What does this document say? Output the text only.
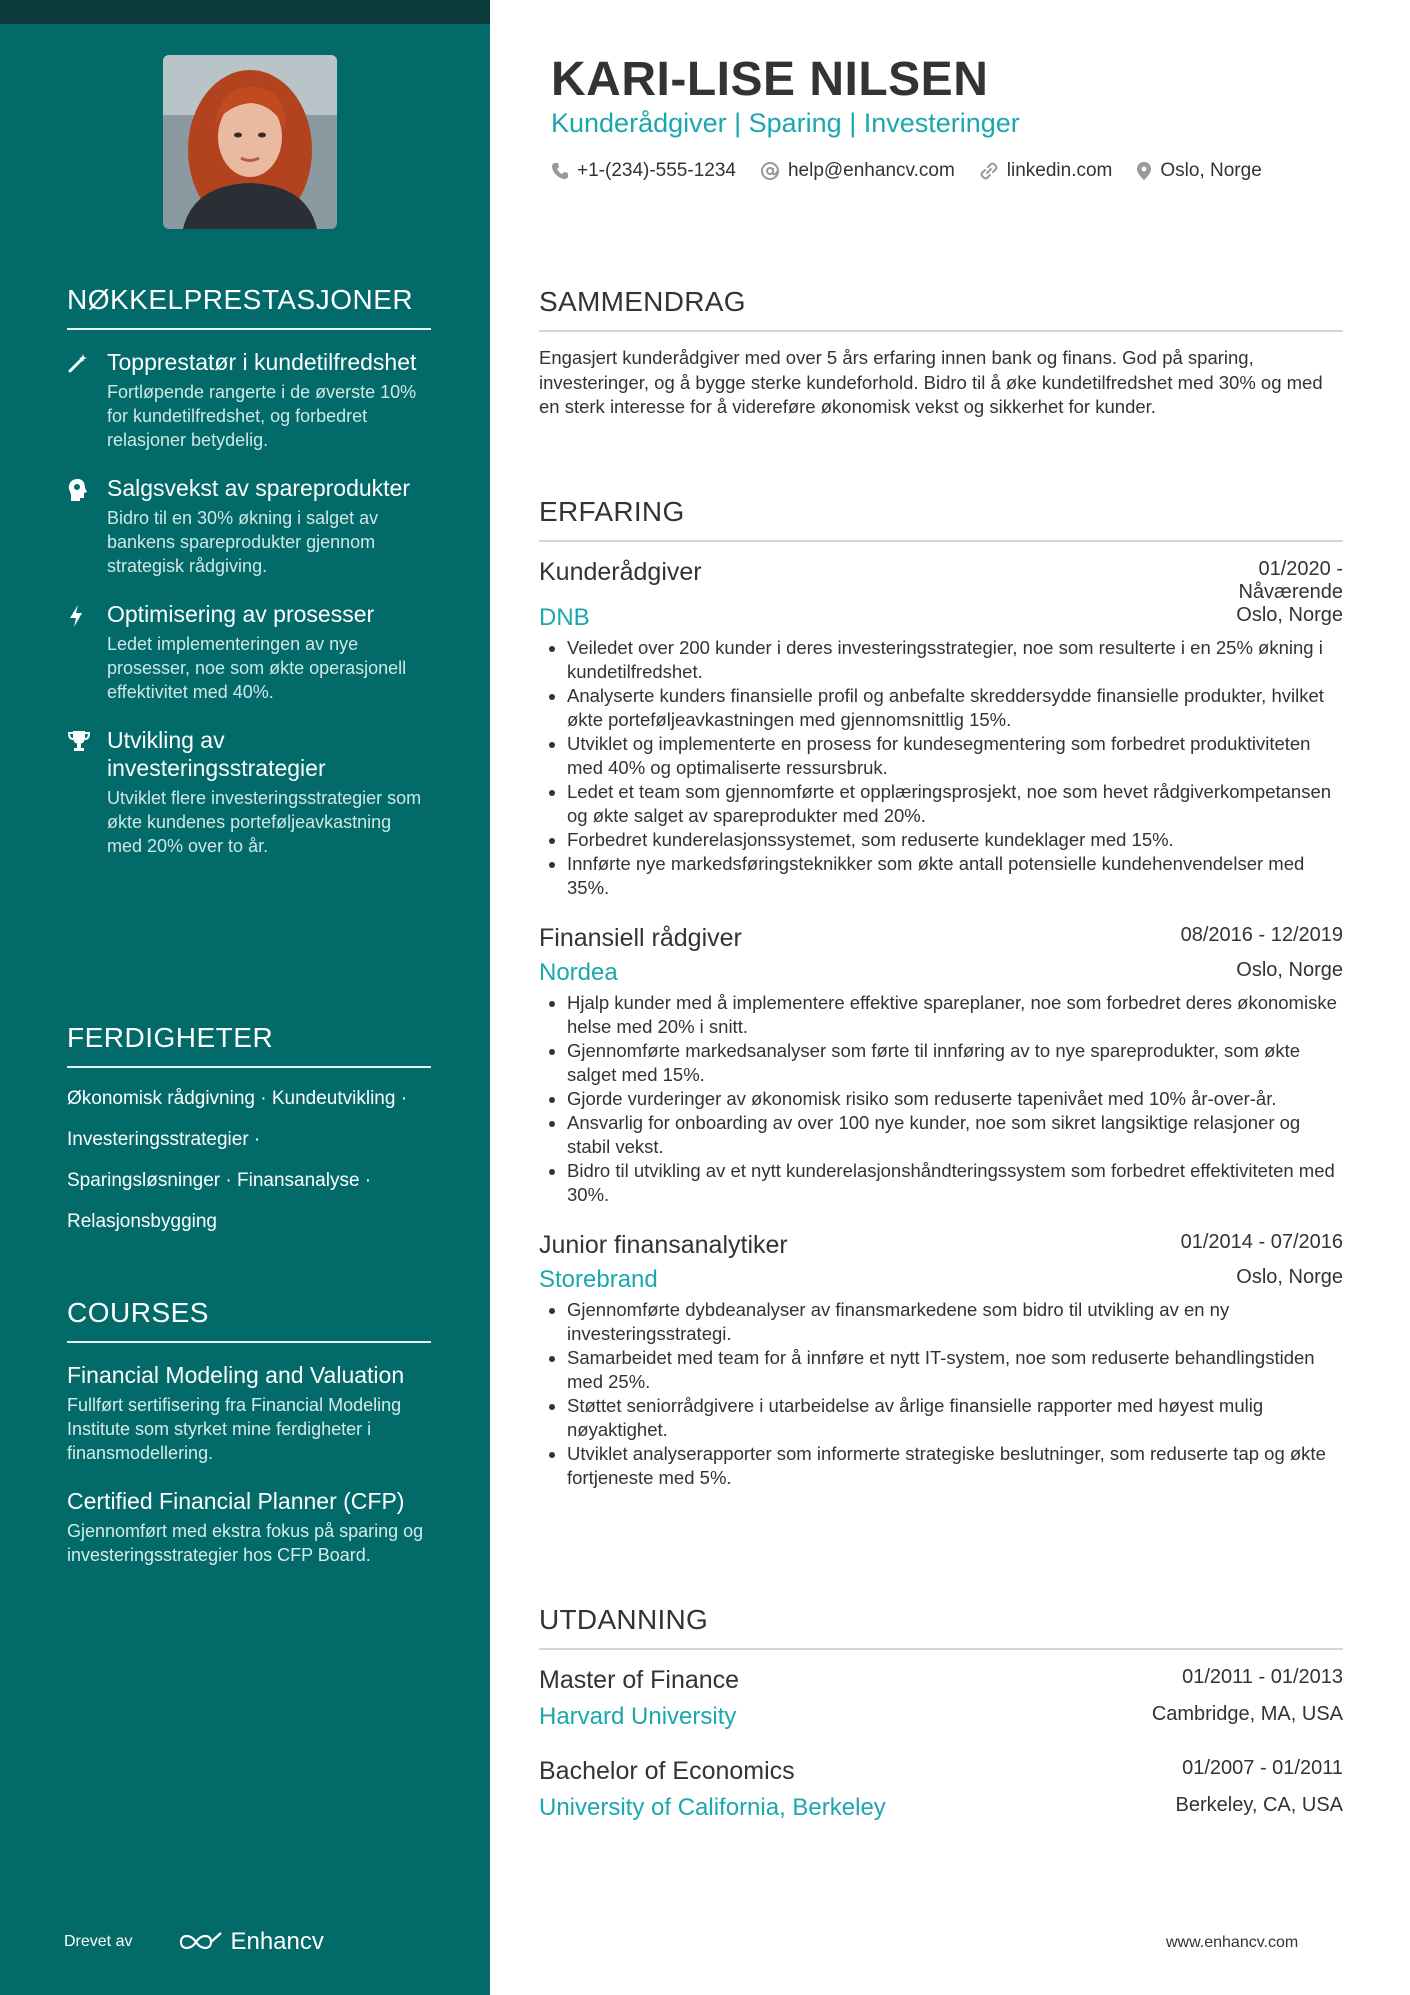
NØKKELPRESTASJONER
Topprestatør i kundetilfredshet
Fortløpende rangerte i de øverste 10% for kundetilfredshet, og forbedret relasjoner betydelig.
Salgsvekst av spareprodukter
Bidro til en 30% økning i salget av bankens spareprodukter gjennom strategisk rådgiving.
Optimisering av prosesser
Ledet implementeringen av nye prosesser, noe som økte operasjonell effektivitet med 40%.
Utvikling av investeringsstrategier
Utviklet flere investeringsstrategier som økte kundenes porteføljeavkastning med 20% over to år.
FERDIGHETER
Økonomisk rådgivning · Kundeutvikling ·
Investeringsstrategier ·
Sparingsløsninger · Finansanalyse ·
Relasjonsbygging
COURSES
Financial Modeling and Valuation
Fullført sertifisering fra Financial Modeling Institute som styrket mine ferdigheter i finansmodellering.
Certified Financial Planner (CFP)
Gjennomført med ekstra fokus på sparing og investeringsstrategier hos CFP Board.
Drevet av	Enhancv
KARI-LISE NILSEN
Kunderådgiver | Sparing | Investeringer
+1-(234)-555-1234	help@enhancv.com	linkedin.com	Oslo, Norge
SAMMENDRAG
Engasjert kunderådgiver med over 5 års erfaring innen bank og finans. God på sparing, investeringer, og å bygge sterke kundeforhold. Bidro til å øke kundetilfredshet med 30% og med en sterk interesse for å videreføre økonomisk vekst og sikkerhet for kunder.
ERFARING
Kunderådgiver	01/2020 -
Nåværende
DNB	Oslo, Norge
• Veiledet over 200 kunder i deres investeringsstrategier, noe som resulterte i en 25% økning i kundetilfredshet.
• Analyserte kunders finansielle profil og anbefalte skreddersydde finansielle produkter, hvilket økte porteføljeavkastningen med gjennomsnittlig 15%.
• Utviklet og implementerte en prosess for kundesegmentering som forbedret produktiviteten med 40% og optimaliserte ressursbruk.
• Ledet et team som gjennomførte et opplæringsprosjekt, noe som hevet rådgiverkompetansen og økte salget av spareprodukter med 20%.
• Forbedret kunderelasjonssystemet, som reduserte kundeklager med 15%.
• Innførte nye markedsføringsteknikker som økte antall potensielle kundehenvendelser med 35%.
Finansiell rådgiver	08/2016 - 12/2019
Nordea	Oslo, Norge
• Hjalp kunder med å implementere effektive spareplaner, noe som forbedret deres økonomiske helse med 20% i snitt.
• Gjennomførte markedsanalyser som førte til innføring av to nye spareprodukter, som økte salget med 15%.
• Gjorde vurderinger av økonomisk risiko som reduserte tapenivået med 10% år-over-år.
• Ansvarlig for onboarding av over 100 nye kunder, noe som sikret langsiktige relasjoner og stabil vekst.
• Bidro til utvikling av et nytt kunderelasjonshåndteringssystem som forbedret effektiviteten med 30%.
Junior finansanalytiker	01/2014 - 07/2016
Storebrand	Oslo, Norge
• Gjennomførte dybdeanalyser av finansmarkedene som bidro til utvikling av en ny investeringsstrategi.
• Samarbeidet med team for å innføre et nytt IT-system, noe som reduserte behandlingstiden med 25%.
• Støttet seniorrådgivere i utarbeidelse av årlige finansielle rapporter med høyest mulig nøyaktighet.
• Utviklet analyserapporter som informerte strategiske beslutninger, som reduserte tap og økte fortjeneste med 5%.
UTDANNING
Master of Finance	01/2011 - 01/2013
Harvard University	Cambridge, MA, USA
Bachelor of Economics	01/2007 - 01/2011
University of California, Berkeley	Berkeley, CA, USA
www.enhancv.com
